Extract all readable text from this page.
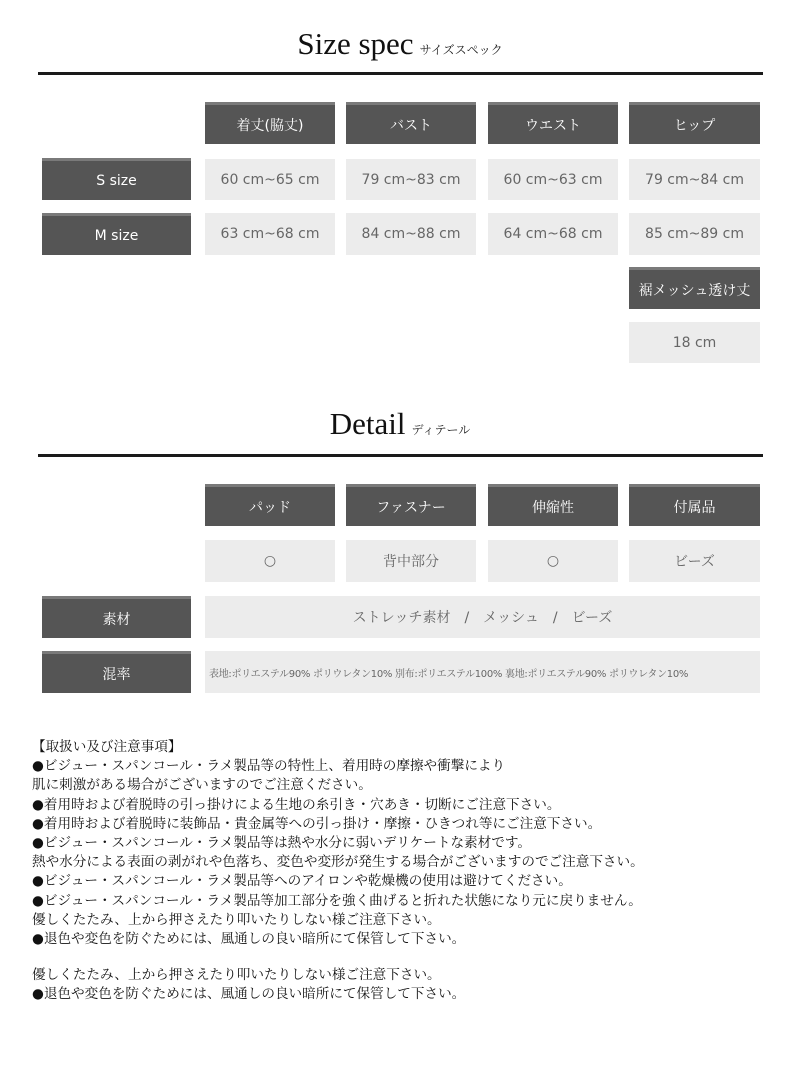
Size spec サイズスペック
着丈(脇丈)	バスト	ウエスト	ヒップ
S size	60 cm~65 cm	79 cm~83 cm	60 cm~63 cm	79 cm~84 cm
M size	63 cm~68 cm	84 cm~88 cm	64 cm~68 cm	85 cm~89 cm
裾メッシュ透け丈
18 cm
Detail ディテール
パッド	ファスナー	伸縮性	付属品
○	背中部分	○	ビーズ
素材	ストレッチ素材　/　メッシュ　/　ビーズ
混率	表地:ポリエステル90% ポリウレタン10% 別布:ポリエステル100% 裏地:ポリエステル90% ポリウレタン10%
【取扱い及び注意事項】
●ビジュー・スパンコール・ラメ製品等の特性上、着用時の摩擦や衝撃により
肌に刺激がある場合がございますのでご注意ください。
●着用時および着脱時の引っ掛けによる生地の糸引き・穴あき・切断にご注意下さい。
●着用時および着脱時に装飾品・貴金属等への引っ掛け・摩擦・ひきつれ等にご注意下さい。
●ビジュー・スパンコール・ラメ製品等は熱や水分に弱いデリケートな素材です。
熱や水分による表面の剥がれや色落ち、変色や変形が発生する場合がございますのでご注意下さい。
●ビジュー・スパンコール・ラメ製品等へのアイロンや乾燥機の使用は避けてください。
●ビジュー・スパンコール・ラメ製品等加工部分を強く曲げると折れた状態になり元に戻りません。
優しくたたみ、上から押さえたり叩いたりしない様ご注意下さい。
●退色や変色を防ぐためには、風通しの良い暗所にて保管して下さい。
優しくたたみ、上から押さえたり叩いたりしない様ご注意下さい。
●退色や変色を防ぐためには、風通しの良い暗所にて保管して下さい。
